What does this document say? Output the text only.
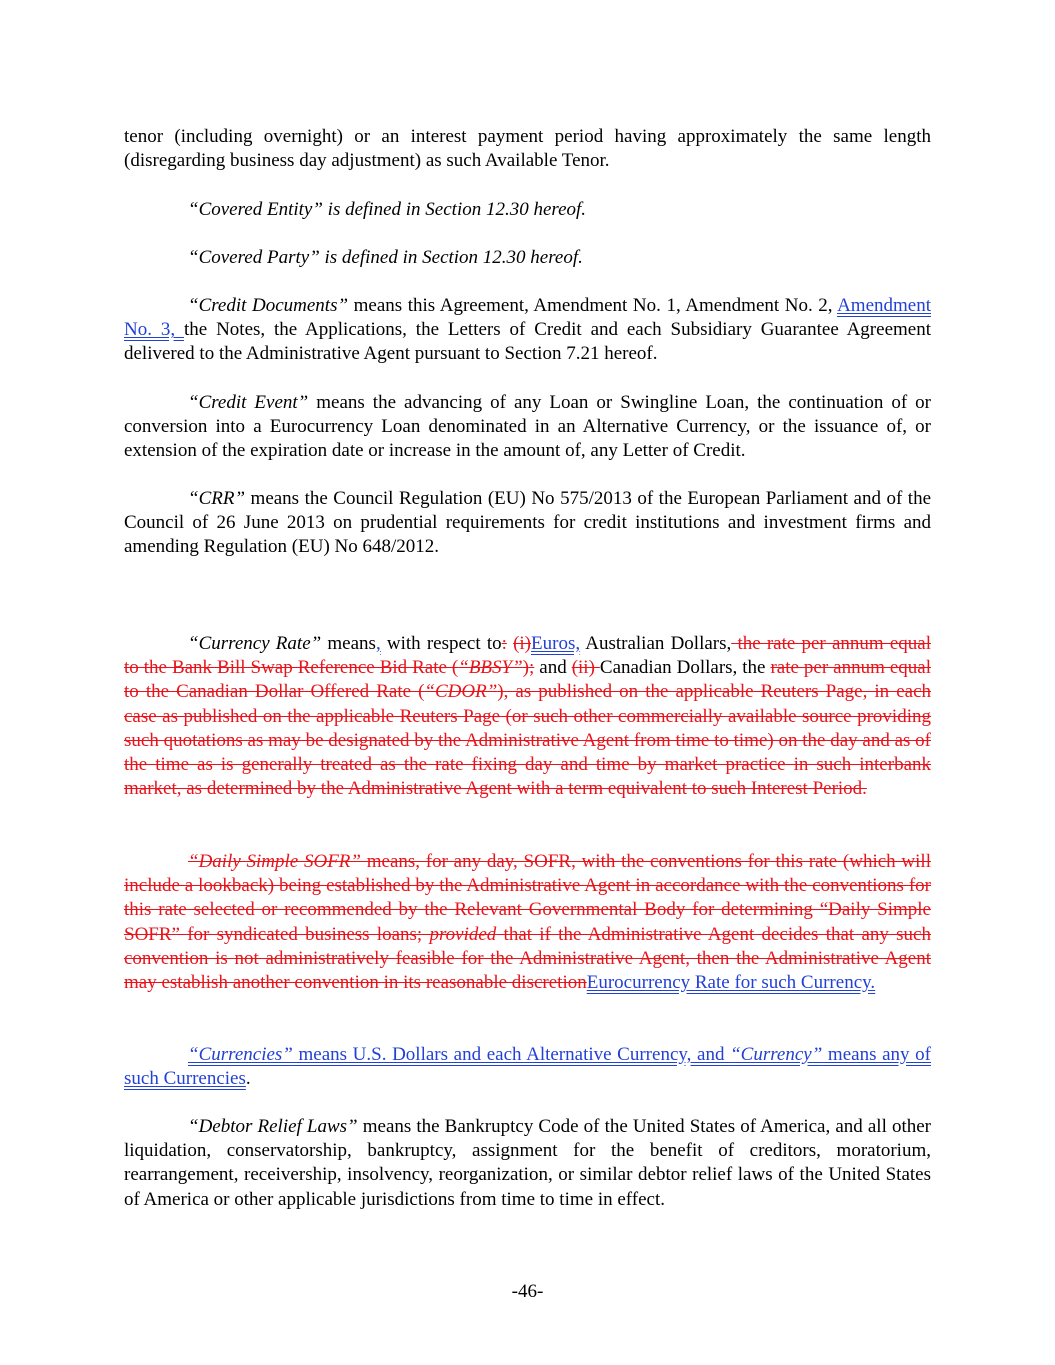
tenor (including overnight) or an interest payment period having approximately the same length (disregarding business day adjustment) as such Available Tenor.

“Covered Entity” is defined in Section 12.30 hereof.

“Covered Party” is defined in Section 12.30 hereof.

“Credit Documents” means this Agreement, Amendment No. 1, Amendment No. 2, Amendment No. 3, the Notes, the Applications, the Letters of Credit and each Subsidiary Guarantee Agreement delivered to the Administrative Agent pursuant to Section 7.21 hereof.

“Credit Event” means the advancing of any Loan or Swingline Loan, the continuation of or conversion into a Eurocurrency Loan denominated in an Alternative Currency, or the issuance of, or extension of the expiration date or increase in the amount of, any Letter of Credit.

“CRR” means the Council Regulation (EU) No 575/2013 of the European Parliament and of the Council of 26 June 2013 on prudential requirements for credit institutions and investment firms and amending Regulation (EU) No 648/2012.

“Currency Rate” means, with respect to: (i)Euros, Australian Dollars, the rate per annum equal to the Bank Bill Swap Reference Bid Rate (“BBSY”); and (ii) Canadian Dollars, the rate per annum equal to the Canadian Dollar Offered Rate (“CDOR”), as published on the applicable Reuters Page, in each case as published on the applicable Reuters Page (or such other commercially available source providing such quotations as may be designated by the Administrative Agent from time to time) on the day and as of the time as is generally treated as the rate fixing day and time by market practice in such interbank market, as determined by the Administrative Agent with a term equivalent to such Interest Period.

“Daily Simple SOFR” means, for any day, SOFR, with the conventions for this rate (which will include a lookback) being established by the Administrative Agent in accordance with the conventions for this rate selected or recommended by the Relevant Governmental Body for determining “Daily Simple SOFR” for syndicated business loans; provided that if the Administrative Agent decides that any such convention is not administratively feasible for the Administrative Agent, then the Administrative Agent may establish another convention in its reasonable discretionEurocurrency Rate for such Currency.

“Currencies” means U.S. Dollars and each Alternative Currency, and “Currency” means any of such Currencies.

“Debtor Relief Laws” means the Bankruptcy Code of the United States of America, and all other liquidation, conservatorship, bankruptcy, assignment for the benefit of creditors, moratorium, rearrangement, receivership, insolvency, reorganization, or similar debtor relief laws of the United States of America or other applicable jurisdictions from time to time in effect.

-46-
